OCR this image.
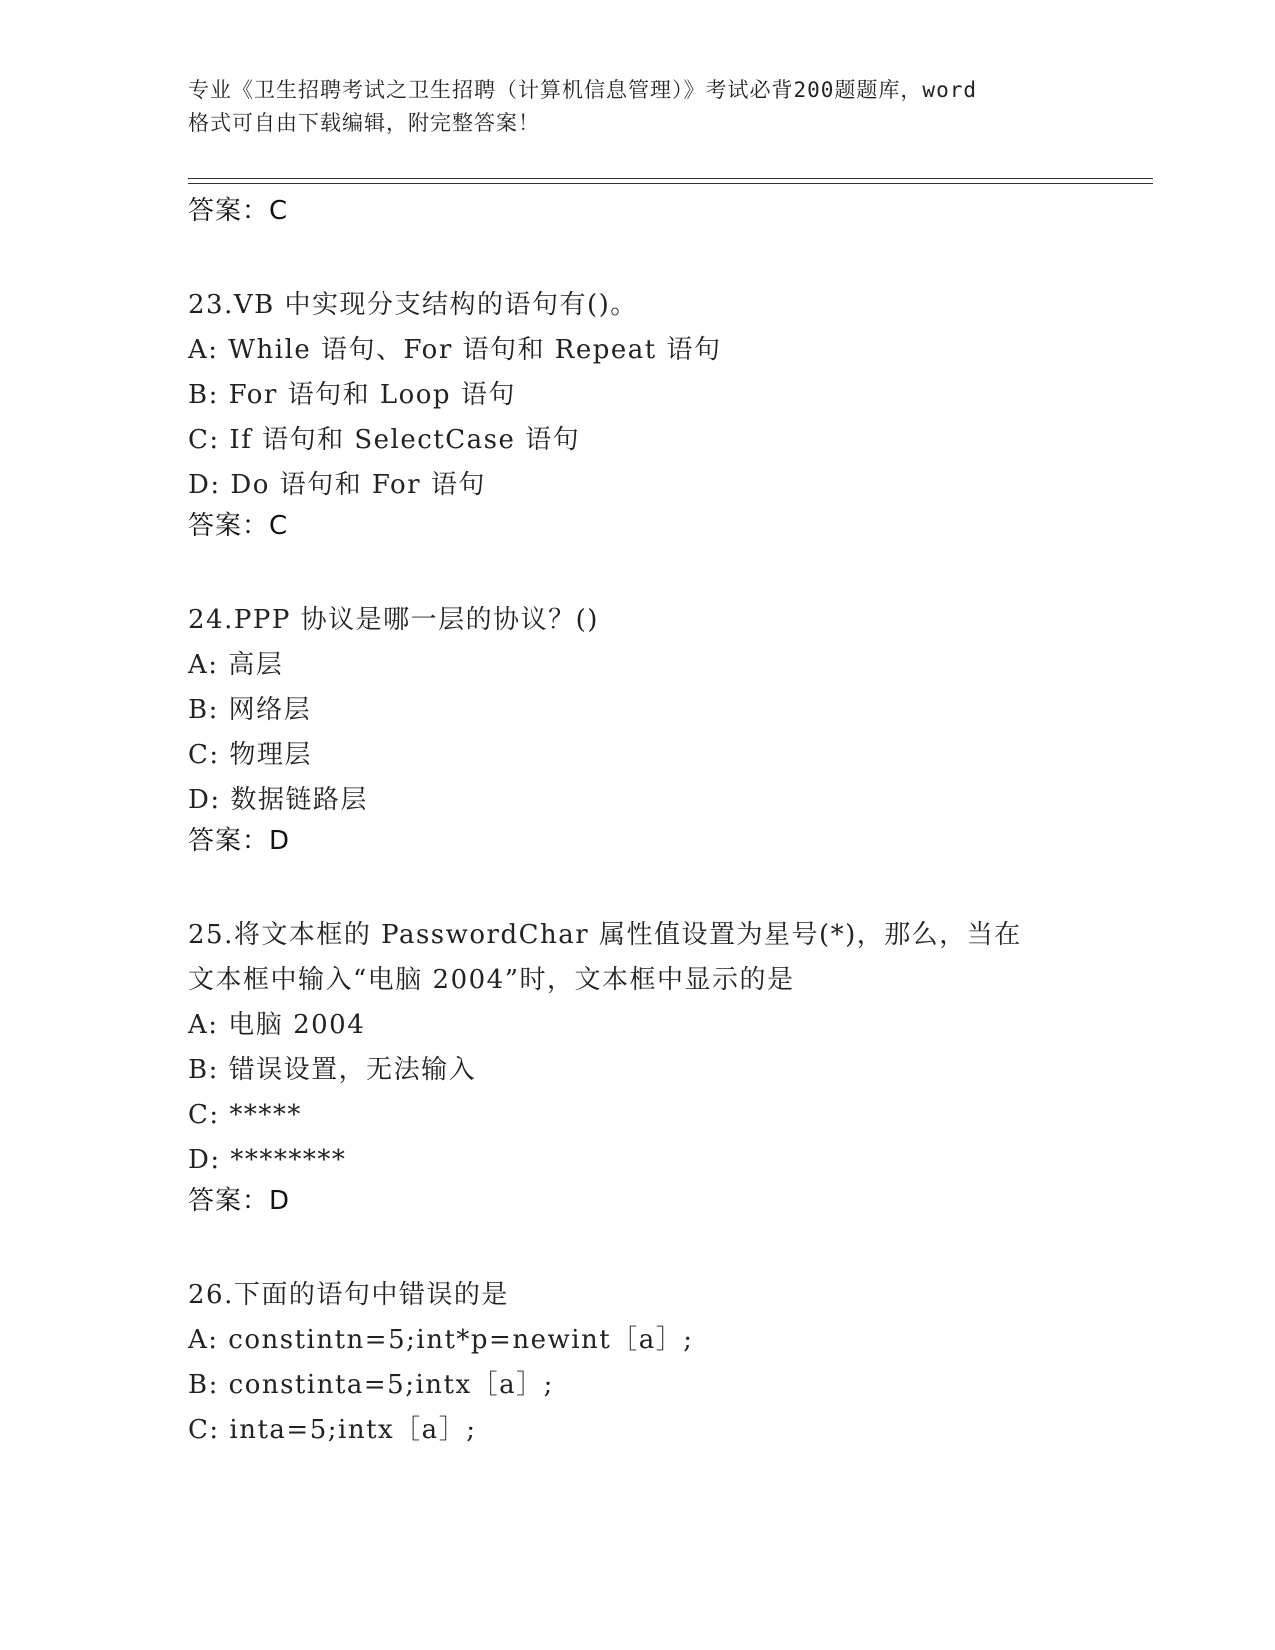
专业《卫生招聘考试之卫生招聘（计算机信息管理）》考试必背200题题库，word
格式可自由下载编辑，附完整答案！
答案：C
23.VB 中实现分支结构的语句有()。
A: While 语句、For 语句和 Repeat 语句
B: For 语句和 Loop 语句
C: If 语句和 SelectCase 语句
D: Do 语句和 For 语句
答案：C
24.PPP 协议是哪一层的协议？()
A: 高层
B: 网络层
C: 物理层
D: 数据链路层
答案：D
25.将文本框的 PasswordChar 属性值设置为星号(*)，那么，当在文本框中输入“电脑 2004”时，文本框中显示的是
A: 电脑 2004
B: 错误设置，无法输入
C: *****
D: ********
答案：D
26.下面的语句中错误的是
A: constintn=5;int*p=newint［a］;
B: constinta=5;intx［a］;
C: inta=5;intx［a］;
